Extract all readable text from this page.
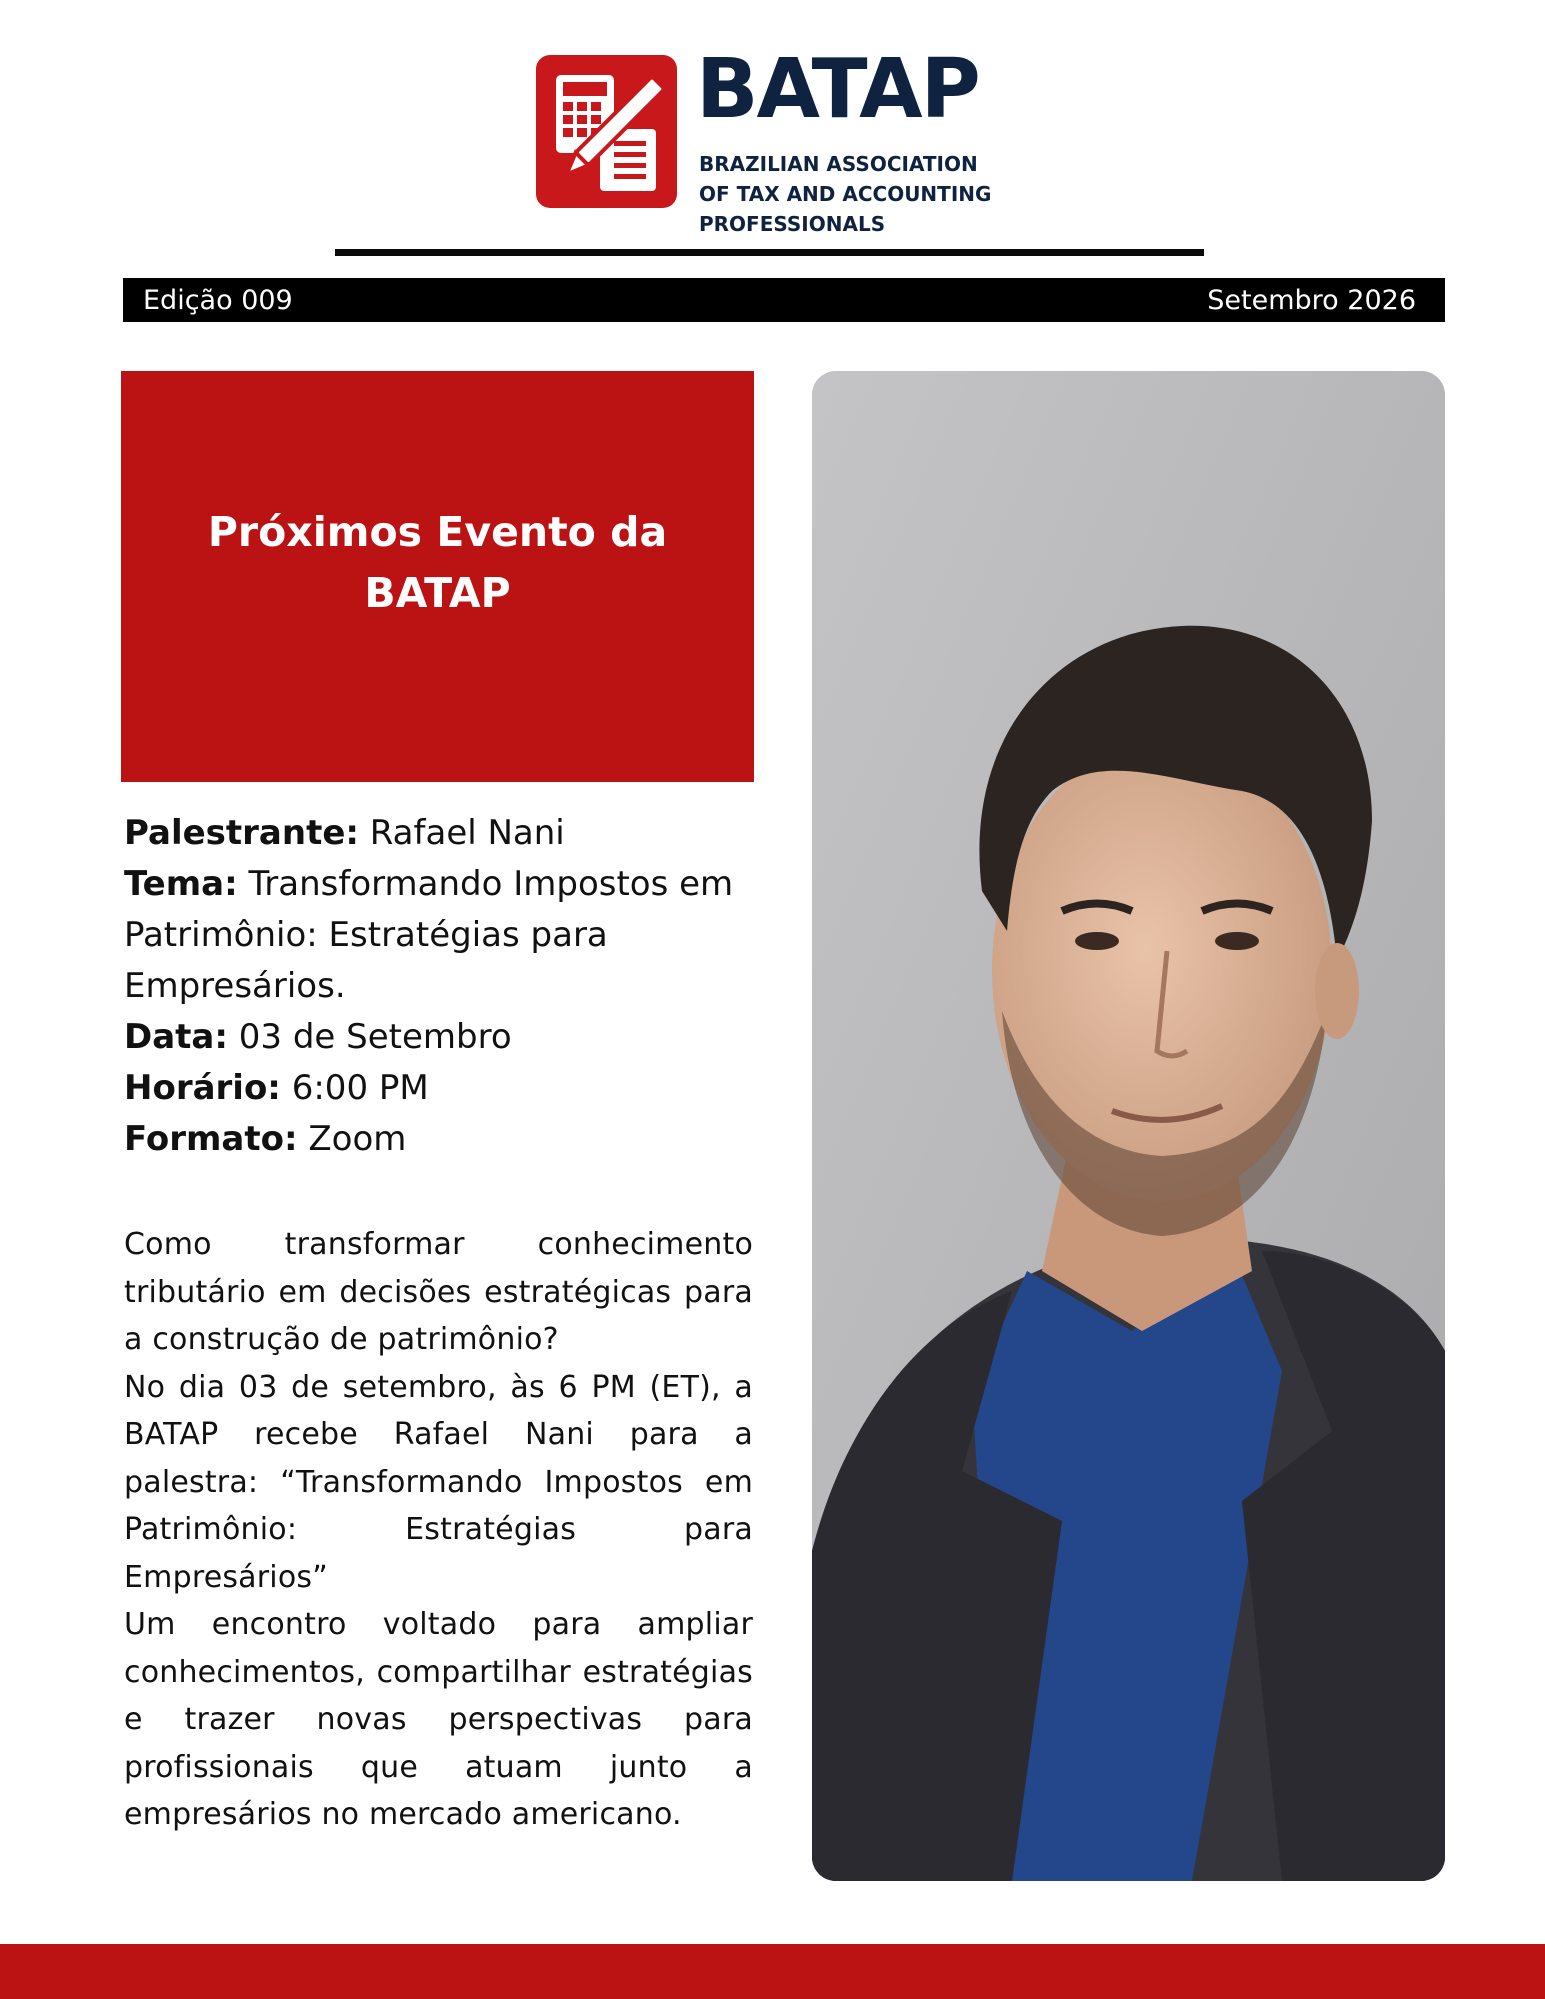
BATAP
BRAZILIAN ASSOCIATION
OF TAX AND ACCOUNTING
PROFESSIONALS
Edição 009	Setembro 2026
Próximos Evento da
BATAP
Palestrante: Rafael Nani
Tema: Transformando Impostos em Patrimônio: Estratégias para Empresários.
Data: 03 de Setembro
Horário: 6:00 PM
Formato: Zoom

Como transformar conhecimento tributário em decisões estratégicas para a construção de patrimônio?

No dia 03 de setembro, às 6 PM (ET), a BATAP recebe Rafael Nani para a palestra: “Transformando Impostos em Patrimônio: Estratégias para Empresários”

Um encontro voltado para ampliar conhecimentos, compartilhar estratégias e trazer novas perspectivas para profissionais que atuam junto a empresários no mercado americano.
